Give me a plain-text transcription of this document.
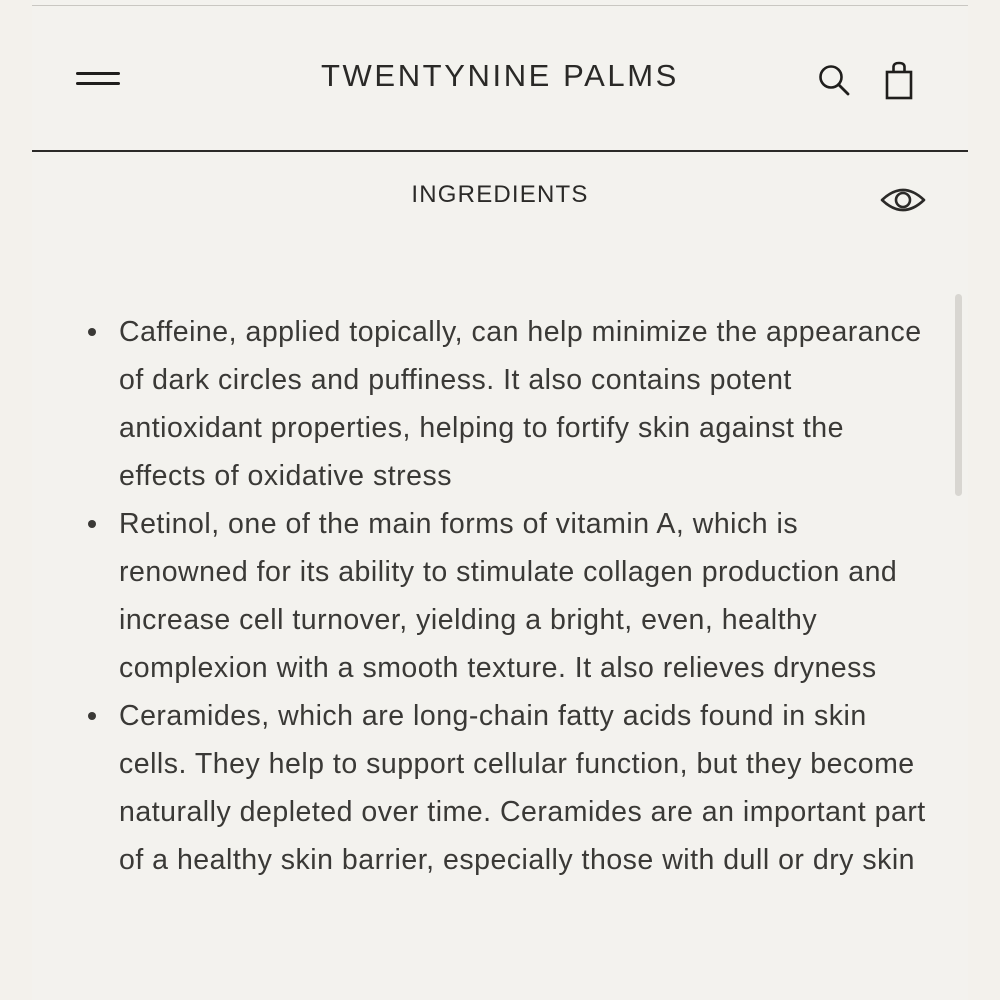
TWENTYNINE PALMS
INGREDIENTS
Caffeine, applied topically, can help minimize the appearance of dark circles and puffiness. It also contains potent antioxidant properties, helping to fortify skin against the effects of oxidative stress
Retinol, one of the main forms of vitamin A, which is renowned for its ability to stimulate collagen production and increase cell turnover, yielding a bright, even, healthy complexion with a smooth texture. It also relieves dryness
Ceramides, which are long-chain fatty acids found in skin cells. They help to support cellular function, but they become naturally depleted over time. Ceramides are an important part of a healthy skin barrier, especially those with dull or dry skin
